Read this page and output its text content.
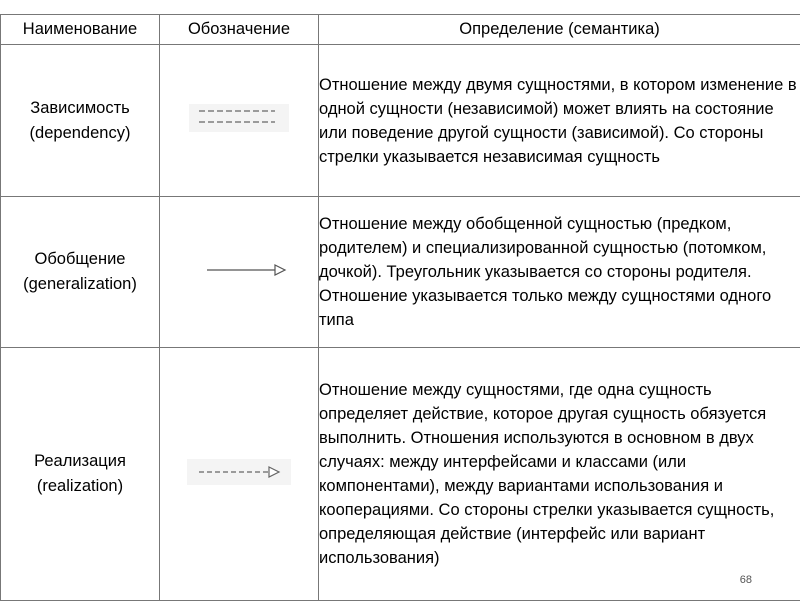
Наименование	Обозначение	Определение (семантика)

Зависимость
(dependency)		Отношение между двумя сущностями, в котором изменение в одной сущности (независимой) может влиять на состояние или поведение другой сущности (зависимой). Со стороны стрелки указывается независимая сущность

Обобщение
(generalization)		Отношение между обобщенной сущностью (предком, родителем) и специализированной сущностью (потомком, дочкой). Треугольник указывается со стороны родителя. Отношение указывается только между сущностями одного типа

Реализация
(realization)		Отношение между сущностями, где одна сущность определяет действие, которое другая сущность обязуется выполнить. Отношения используются в основном в двух случаях: между интерфейсами и классами (или компонентами), между вариантами использования и кооперациями. Со стороны стрелки указывается сущность, определяющая действие (интерфейс или вариант использования)
68
